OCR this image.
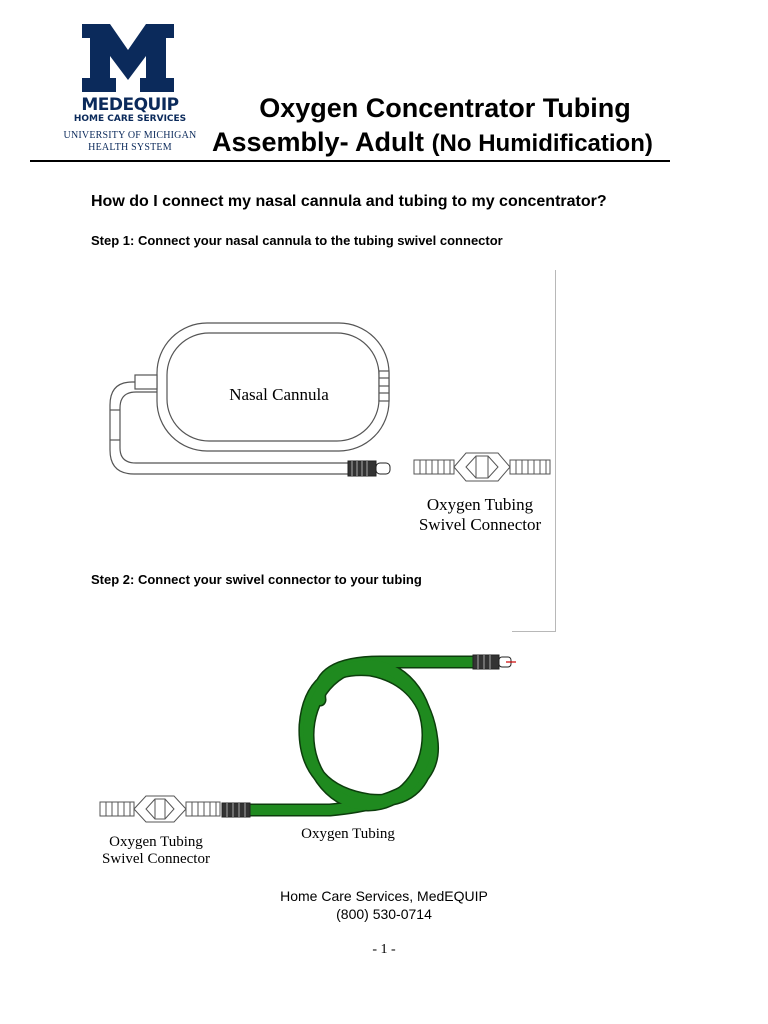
MEDEQUIP
HOME CARE SERVICES
UNIVERSITY OF MICHIGAN
HEALTH SYSTEM
Oxygen Concentrator Tubing
Assembly- Adult (No Humidification)
How do I connect my nasal cannula and tubing to my concentrator?
Step 1: Connect your nasal cannula to the tubing swivel connector
Nasal Cannula
Oxygen Tubing
Swivel Connector
Step 2: Connect your swivel connector to your tubing
Oxygen Tubing
Swivel Connector
Oxygen Tubing
Home Care Services, MedEQUIP
(800) 530-0714
- 1 -
